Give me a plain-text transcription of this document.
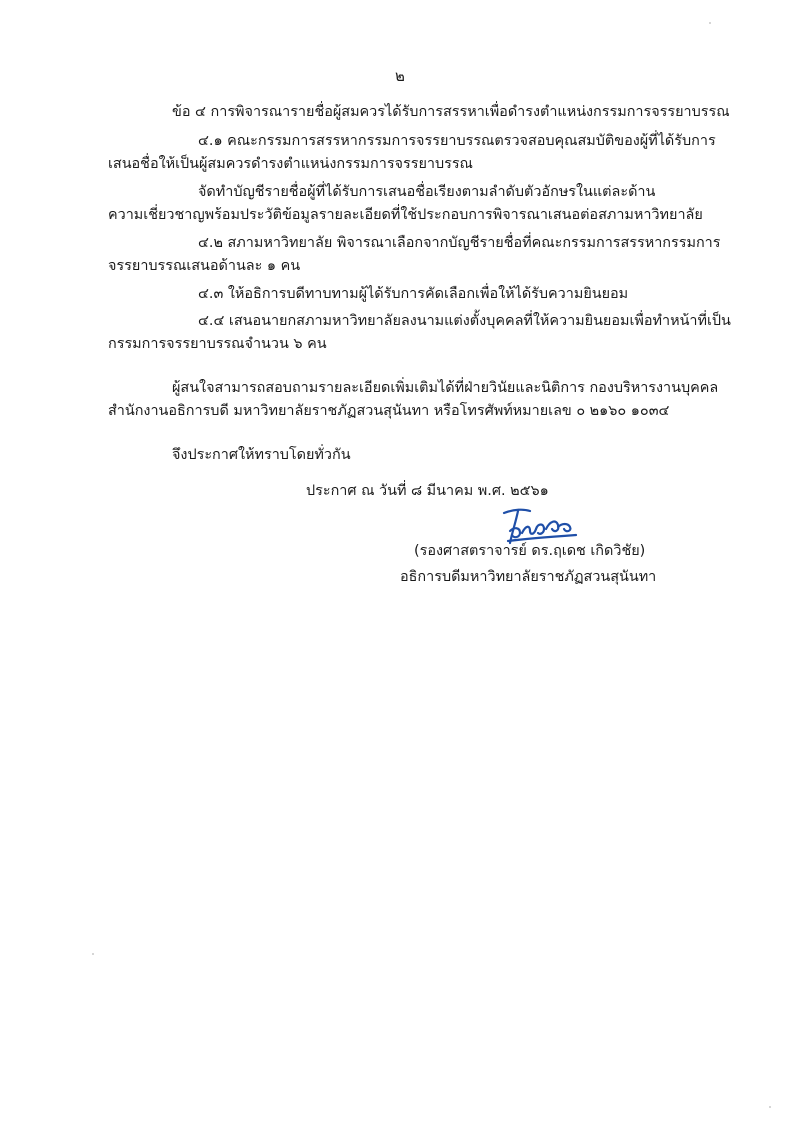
๒
ข้อ ๔ การพิจารณารายชื่อผู้สมควรได้รับการสรรหาเพื่อดำรงตำแหน่งกรรมการจรรยาบรรณ
๔.๑ คณะกรรมการสรรหากรรมการจรรยาบรรณตรวจสอบคุณสมบัติของผู้ที่ได้รับการ
เสนอชื่อให้เป็นผู้สมควรดำรงตำแหน่งกรรมการจรรยาบรรณ
จัดทำบัญชีรายชื่อผู้ที่ได้รับการเสนอชื่อเรียงตามลำดับตัวอักษรในแต่ละด้าน
ความเชี่ยวชาญพร้อมประวัติข้อมูลรายละเอียดที่ใช้ประกอบการพิจารณาเสนอต่อสภามหาวิทยาลัย
๔.๒ สภามหาวิทยาลัย พิจารณาเลือกจากบัญชีรายชื่อที่คณะกรรมการสรรหากรรมการ
จรรยาบรรณเสนอด้านละ ๑ คน
๔.๓ ให้อธิการบดีทาบทามผู้ได้รับการคัดเลือกเพื่อให้ได้รับความยินยอม
๔.๔ เสนอนายกสภามหาวิทยาลัยลงนามแต่งตั้งบุคคลที่ให้ความยินยอมเพื่อทำหน้าที่เป็น
กรรมการจรรยาบรรณจำนวน ๖ คน
ผู้สนใจสามารถสอบถามรายละเอียดเพิ่มเติมได้ที่ฝ่ายวินัยและนิติการ กองบริหารงานบุคคล
สำนักงานอธิการบดี มหาวิทยาลัยราชภัฏสวนสุนันทา หรือโทรศัพท์หมายเลข ๐ ๒๑๖๐ ๑๐๓๔
จึงประกาศให้ทราบโดยทั่วกัน
ประกาศ ณ วันที่ ๘ มีนาคม พ.ศ. ๒๕๖๑
(รองศาสตราจารย์ ดร.ฤเดช เกิดวิชัย)
อธิการบดีมหาวิทยาลัยราชภัฏสวนสุนันทา
